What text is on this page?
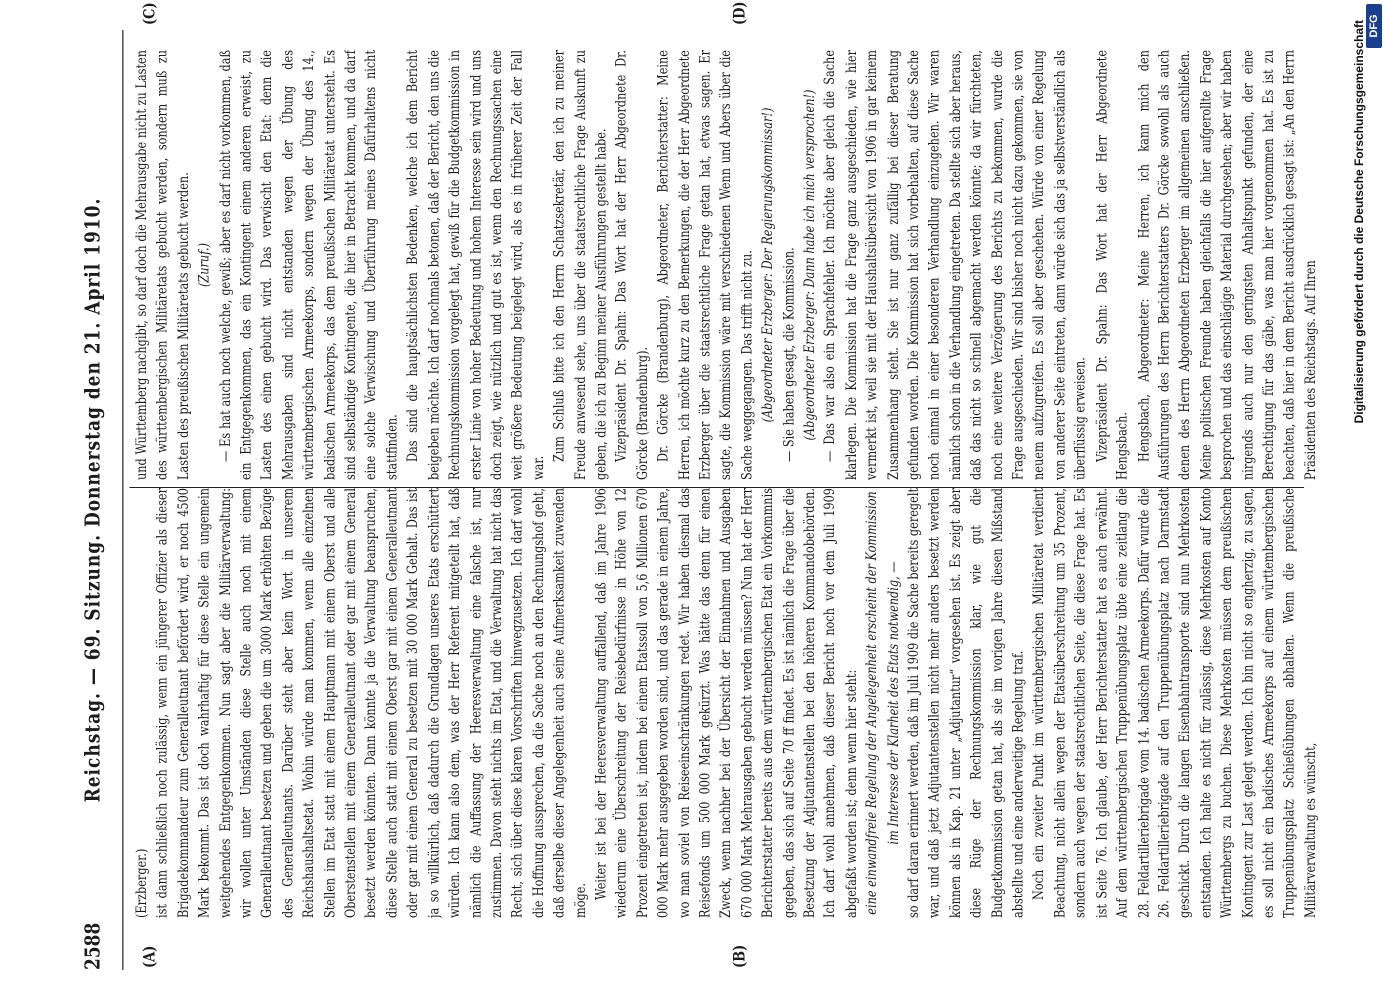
2588
Reichstag. — 69. Sitzung. Donnerstag den 21. April 1910.
(A)	(B)
(C)	(D)

(Erzberger.) ist dann schließlich noch zulässig, wenn ein jüngerer Offizier als dieser Brigadekommandeur zum Generalleutnant befördert wird, er noch 4500 Mark bekommt. Das ist doch wahrhaftig für diese Stelle ein ungemein weitgehendes Entgegenkommen. Nun sagt aber die Militärverwaltung: wir wollen unter Umständen diese Stelle auch noch mit einem Generalleutnant besetzen und geben die um 3000 Mark erhöhten Bezüge des Generalleutnants. Darüber steht aber kein Wort in unserem Reichshaushaltsetat. Wohin würde man kommen, wenn alle einzelnen Stellen im Etat statt mit einem Hauptmann mit einem Oberst und alle Oberstenstellen mit einem Generalleutnant oder gar mit einem General besetzt werden könnten. Dann könnte ja die Verwaltung beanspruchen, diese Stelle auch statt mit einem Oberst gar mit einem Generalleutnant oder gar mit einem General zu besetzen mit 30 000 Mark Gehalt. Das ist ja so willkürlich, daß dadurch die Grundlagen unseres Etats erschüttert würden. Ich kann also dem, was der Herr Referent mitgeteilt hat, daß nämlich die Auffassung der Heeresverwaltung eine falsche ist, nur zustimmen. Davon steht nichts im Etat, und die Verwaltung hat nicht das Recht, sich über diese klaren Vorschriften hinwegzusetzen. Ich darf wohl die Hoffnung aussprechen, da die Sache noch an den Rechnungshof geht, daß derselbe dieser Angelegenheit auch seine Aufmerksamkeit zuwenden möge.

Weiter ist bei der Heeresverwaltung auffallend, daß im Jahre 1906 wiederum eine Überschreitung der Reisebedürfnisse in Höhe von 12 Prozent eingetreten ist, indem bei einem Etatssoll von 5,6 Millionen 670 000 Mark mehr ausgegeben worden sind, und das gerade in einem Jahre, wo man soviel von Reiseeinschränkungen redet. Wir haben diesmal das Reisefonds um 500 000 Mark gekürzt. Was hätte das denn für einen Zweck, wenn nachher bei der Übersicht der Einnahmen und Ausgaben 670 000 Mark Mehrausgaben gebucht werden müssen? Nun hat der Herr Berichterstatter bereits aus dem württembergischen Etat ein Vorkommnis gegeben, das sich auf Seite 70 ff findet. Es ist nämlich die Frage über die Besetzung der Adjutantenstellen bei den höheren Kommandobehörden. Ich darf wohl annehmen, daß dieser Bericht noch vor dem Juli 1909 abgefaßt worden ist; denn wenn hier steht: eine einwandfreie Regelung der Angelegenheit erscheint der Kommission im Interesse der Klarheit des Etats notwendig, — so darf daran erinnert werden, daß im Juli 1909 die Sache bereits geregelt war, und daß jetzt Adjutantenstellen nicht mehr anders besetzt werden können als in Kap. 21 unter „Adjutantur“ vorgesehen ist. Es zeigt aber diese Rüge der Rechnungskommission klar, wie gut die Budgetkommission getan hat, als sie im vorigen Jahre diesen Mißstand abstellte und eine anderweitige Regelung traf. Noch ein zweiter Punkt im württembergischen Militäretat verdient Beachtung, nicht allein wegen der Etatsüberschreitung um 35 Prozent, sondern auch wegen der staatsrechtlichen Seite, die diese Frage hat. Es ist Seite 76. Ich glaube, der Herr Berichterstatter hat es auch erwähnt. Auf dem württembergischen Truppenübungsplatz übte eine zeitlang die 28. Feldartilleriebrigade vom 14. badischen Armeekorps. Dafür wurde die 26. Feldartilleriebrigade auf den Truppenübungsplatz nach Darmstadt geschickt. Durch die langen Eisenbahntransporte sind nun Mehrkosten entstanden. Ich halte es nicht für zulässig, diese Mehrkosten auf Konto Württembergs zu buchen. Diese Mehrkosten müssen dem preußischen Kontingent zur Last gelegt werden. Ich bin nicht so engherzig, zu sagen, es soll nicht ein badisches Armeekorps auf einem württembergischen Truppenübungsplatz Schießübungen abhalten. Wenn die preußische Militärverwaltung es wünscht,

und Württemberg nachgibt, so darf doch die Mehrausgabe nicht zu Lasten des württembergischen Militäretats gebucht werden, sondern muß zu Lasten des preußischen Militäretats gebucht werden. (Zuruf.) — Es hat auch noch welche, gewiß; aber es darf nicht vorkommen, daß ein Entgegenkommen, das ein Kontingent einem anderen erweist, zu Lasten des einen gebucht wird. Das verwischt den Etat: denn die Mehrausgaben sind nicht entstanden wegen der Übung des württembergischen Armeekorps, sondern wegen der Übung des 14., badischen Armeekorps, das dem preußischen Militäretat untersteht. Es sind selbständige Kontingente, die hier in Betracht kommen, und da darf eine solche Verwischung und Überführung meines Dafürhaltens nicht stattfinden. Das sind die hauptsächlichsten Bedenken, welche ich dem Bericht beigeben möchte. Ich darf nochmals betonen, daß der Bericht, den uns die Rechnungskommission vorgelegt hat, gewiß für die Budgetkommission in erster Linie von hoher Bedeutung und hohem Interesse sein wird und uns doch zeigt, wie nützlich und gut es ist, wenn den Rechnungssachen eine weit größere Bedeutung beigelegt wird, als es in früherer Zeit der Fall war.

Zum Schluß bitte ich den Herrn Schatzsekretär, den ich zu meiner Freude anwesend sehe, uns über die staatsrechtliche Frage Auskunft zu geben, die ich zu Beginn meiner Ausführungen gestellt habe. Vizepräsident Dr. Spahn: Das Wort hat der Herr Abgeordnete Dr. Görcke (Brandenburg). Dr. Görcke (Brandenburg), Abgeordneter, Berichterstatter: Meine Herren, ich möchte kurz zu den Bemerkungen, die der Herr Abgeordnete Erzberger über die staatsrechtliche Frage getan hat, etwas sagen. Er sagte, die Kommission wäre mit verschiedenen Wenn und Abers über die Sache weggegangen. Das trifft nicht zu. (Abgeordneter Erzberger: Der Regierungskommissar!) — Sie haben gesagt, die Kommission. (Abgeordneter Erzberger: Dann habe ich mich versprochen!) — Das war also ein Sprachfehler. Ich möchte aber gleich die Sache klarlegen. Die Kommission hat die Frage ganz ausgeschieden, wie hier vermerkt ist, weil sie mit der Haushaltsübersicht von 1906 in gar keinem Zusammenhang steht. Sie ist nur ganz zufällig bei dieser Beratung gefunden worden. Die Kommission hat sich vorbehalten, auf diese Sache noch einmal in einer besonderen Verhandlung einzugehen. Wir waren nämlich schon in die Verhandlung eingetreten. Da stellte sich aber heraus, daß das nicht so schnell abgemacht werden könnte; da wir fürchteten, noch eine weitere Verzögerung des Berichts zu bekommen, wurde die Frage ausgeschieden. Wir sind bisher noch nicht dazu gekommen, sie von neuem aufzugreifen. Es soll aber geschehen. Würde von einer Regelung von anderer Seite eintreten, dann würde sich das ja selbstverständlich als überflüssig erweisen. Vizepräsident Dr. Spahn: Das Wort hat der Herr Abgeordnete Hengsbach. Hengsbach, Abgeordneter: Meine Herren, ich kann mich den Ausführungen des Herrn Berichterstatters Dr. Görcke sowohl als auch denen des Herrn Abgeordneten Erzberger im allgemeinen anschließen. Meine politischen Freunde haben gleichfalls die hier aufgerollte Frage besprochen und das einschlägige Material durchgesehen; aber wir haben nirgends auch nur den geringsten Anhaltspunkt gefunden, der eine Berechtigung für das gäbe, was man hier vorgenommen hat. Es ist zu beachten, daß hier in dem Bericht ausdrücklich gesagt ist: „An den Herrn Präsidenten des Reichstags. Auf Ihren	Digitalisierung gefördert durch die Deutsche Forschungsgemeinschaft DFG
